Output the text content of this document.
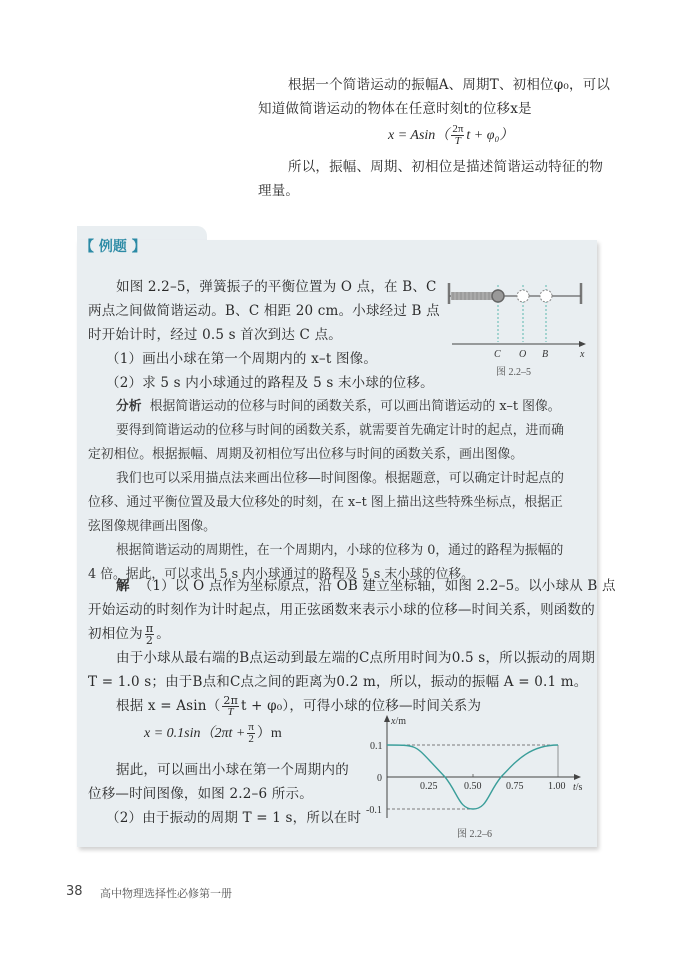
根据一个简谐运动的振幅A、周期T、初相位φ₀，可以
知道做简谐运动的物体在任意时刻t的位移x是
$x = Asin( \frac{2\pi}{T}$ t + φ₀）
所以，振幅、周期、初相位是描述简谐运动特征的物
理量。
【 例题 】
如图 2.2–5，弹簧振子的平衡位置为 O 点，在 B、C
两点之间做简谐运动。B、C 相距 20 cm。小球经过 B 点
时开始计时，经过 0.5 s 首次到达 C 点。
（1）画出小球在第一个周期内的 x–t 图像。
（2）求 5 s 内小球通过的路程及 5 s 末小球的位移。
C O B	x
图 2.2–5
分析 根据简谐运动的位移与时间的函数关系，可以画出简谐运动的 x–t 图像。
要得到简谐运动的位移与时间的函数关系，就需要首先确定计时的起点，进而确
定初相位。根据振幅、周期及初相位写出位移与时间的函数关系，画出图像。
我们也可以采用描点法来画出位移—时间图像。根据题意，可以确定计时起点的
位移、通过平衡位置及最大位移处的时刻，在 x–t 图上描出这些特殊坐标点，根据正
弦图像规律画出图像。
根据简谐运动的周期性，在一个周期内，小球的位移为 0，通过的路程为振幅的
4 倍。据此，可以求出 5 s 内小球通过的路程及 5 s 末小球的位移。
解 （1）以 O 点作为坐标原点，沿 OB 建立坐标轴，如图 2.2–5。以小球从 B 点
开始运动的时刻作为计时起点，用正弦函数来表示小球的位移—时间关系，则函数的
初相位为 $\frac{\pi}{2}$ 。
由于小球从最右端的B点运动到最左端的C点所用时间为0.5 s，所以振动的周期
T = 1.0 s；由于B点和C点之间的距离为0.2 m，所以，振动的振幅 A = 0.1 m。
根据 $x = Asin( \frac{2\pi}{T}$ t + φ₀），可得小球的位移—时间关系为
$x = 0.1\sin(2\pi t + \frac{\pi}{2} )m$
据此，可以画出小球在第一个周期内的
位移—时间图像，如图 2.2–6 所示。
（2）由于振动的周期 T = 1 s，所以在时
x/m
0.1
0
-0.1
0.25	0.50 0.75 1.00 t/s
图 2.2–6
38 高中物理选择性必修第一册
